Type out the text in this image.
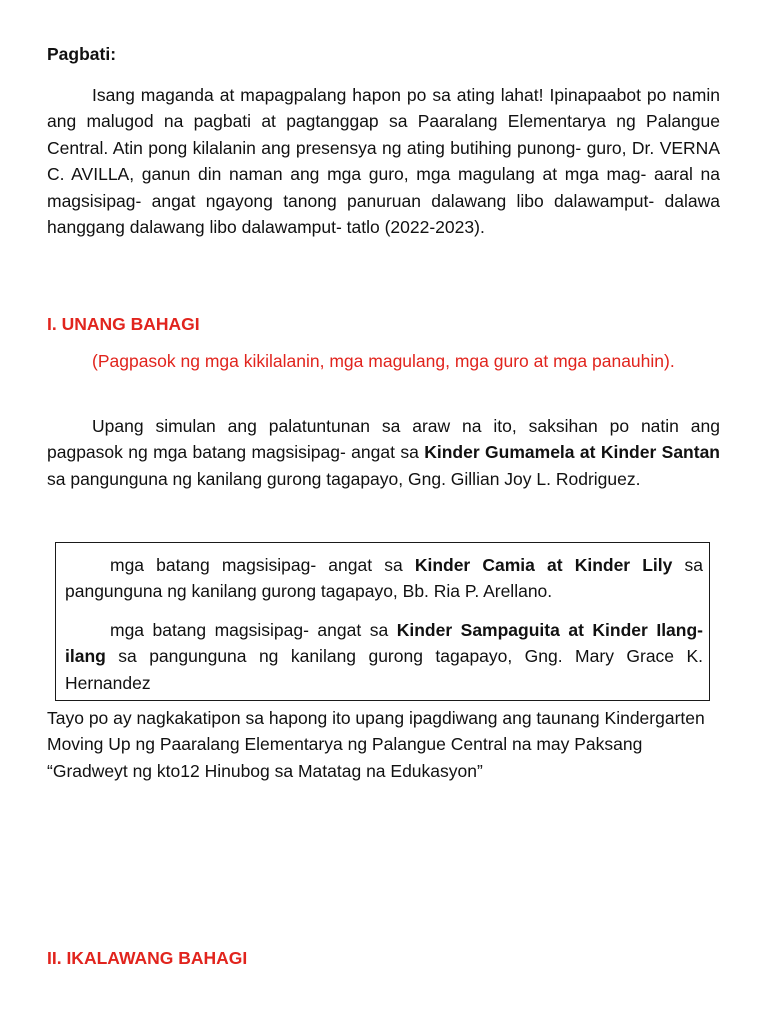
Pagbati:

Isang maganda at mapagpalang hapon po sa ating lahat! Ipinapaabot po namin ang malugod na pagbati at pagtanggap sa Paaralang Elementarya ng Palangue Central. Atin pong kilalanin ang presensya ng ating butihing punong- guro, Dr. VERNA C. AVILLA, ganun din naman ang mga guro, mga magulang at mga mag- aaral na magsisipag- angat ngayong tanong panuruan dalawang libo dalawamput- dalawa hanggang dalawang libo dalawamput- tatlo (2022-2023).

I. UNANG BAHAGI

(Pagpasok ng mga kikilalanin, mga magulang, mga guro at mga panauhin).

Upang simulan ang palatuntunan sa araw na ito, saksihan po natin ang pagpasok ng mga batang magsisipag- angat sa Kinder Gumamela at Kinder Santan sa pangunguna ng kanilang gurong tagapayo, Gng. Gillian Joy L. Rodriguez.

mga batang magsisipag- angat sa Kinder Camia at Kinder Lily sa pangunguna ng kanilang gurong tagapayo, Bb. Ria P. Arellano.

mga batang magsisipag- angat sa Kinder Sampaguita at Kinder Ilang-ilang sa pangunguna ng kanilang gurong tagapayo, Gng. Mary Grace K. Hernandez

Tayo po ay nagkakatipon sa hapong ito upang ipagdiwang ang taunang Kindergarten Moving Up ng Paaralang Elementarya ng Palangue Central na may Paksang “Gradweyt ng kto12 Hinubog sa Matatag na Edukasyon”

II. IKALAWANG BAHAGI
